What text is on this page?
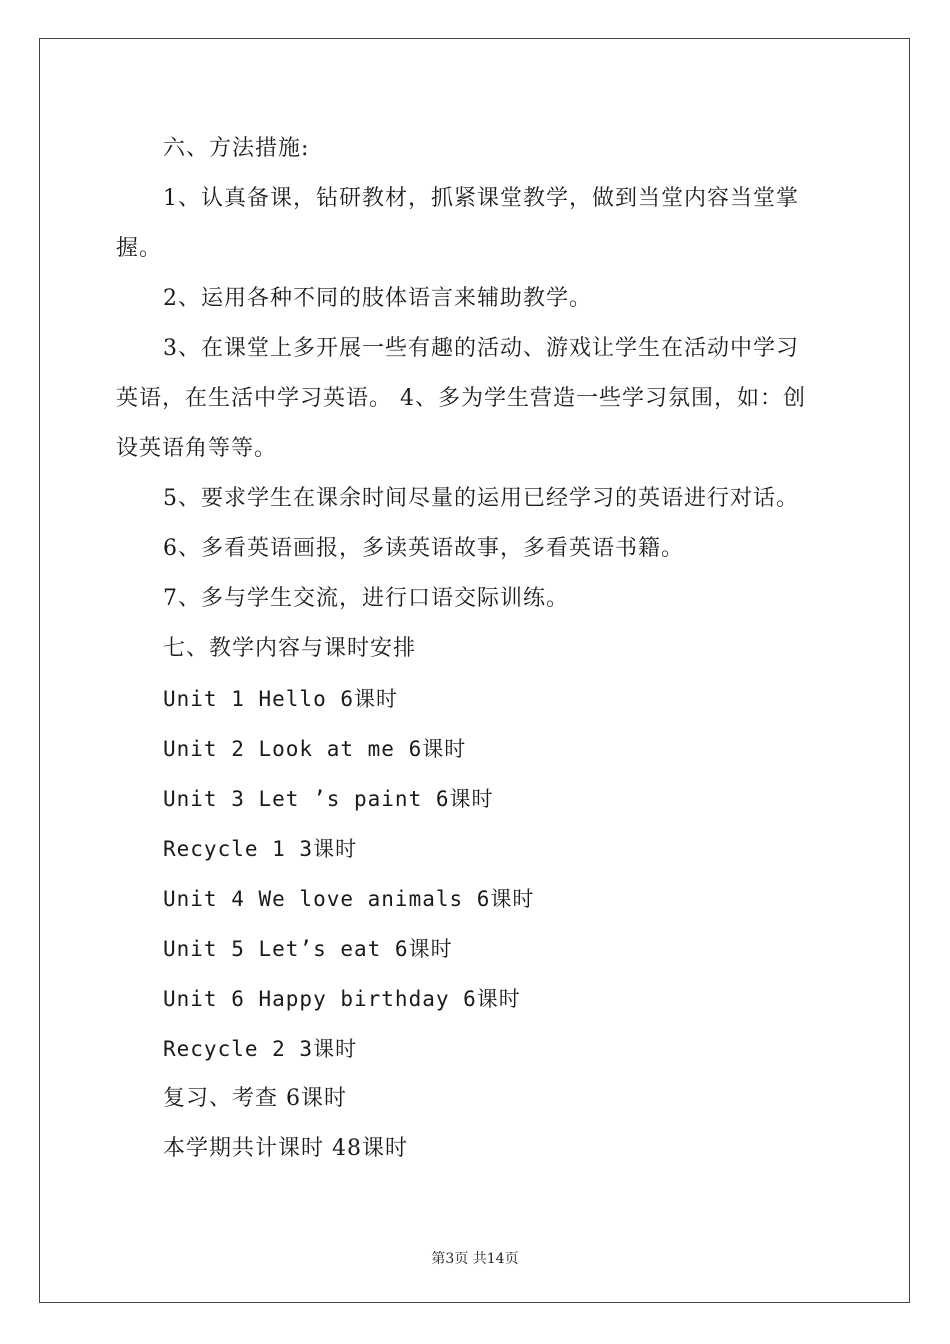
六、方法措施:
1、认真备课，钻研教材，抓紧课堂教学，做到当堂内容当堂掌
握。
2、运用各种不同的肢体语言来辅助教学。
3、在课堂上多开展一些有趣的活动、游戏让学生在活动中学习
英语，在生活中学习英语。 4、多为学生营造一些学习氛围，如：创
设英语角等等。
5、要求学生在课余时间尽量的运用已经学习的英语进行对话。
6、多看英语画报，多读英语故事，多看英语书籍。
7、多与学生交流，进行口语交际训练。
七、教学内容与课时安排
Unit 1 Hello 6课时
Unit 2 Look at me 6课时
Unit 3 Let ’s paint 6课时
Recycle 1 3课时
Unit 4 We love animals 6课时
Unit 5 Let’s eat 6课时
Unit 6 Happy birthday 6课时
Recycle 2 3课时
复习、考查 6课时
本学期共计课时 48课时
第3页 共14页
